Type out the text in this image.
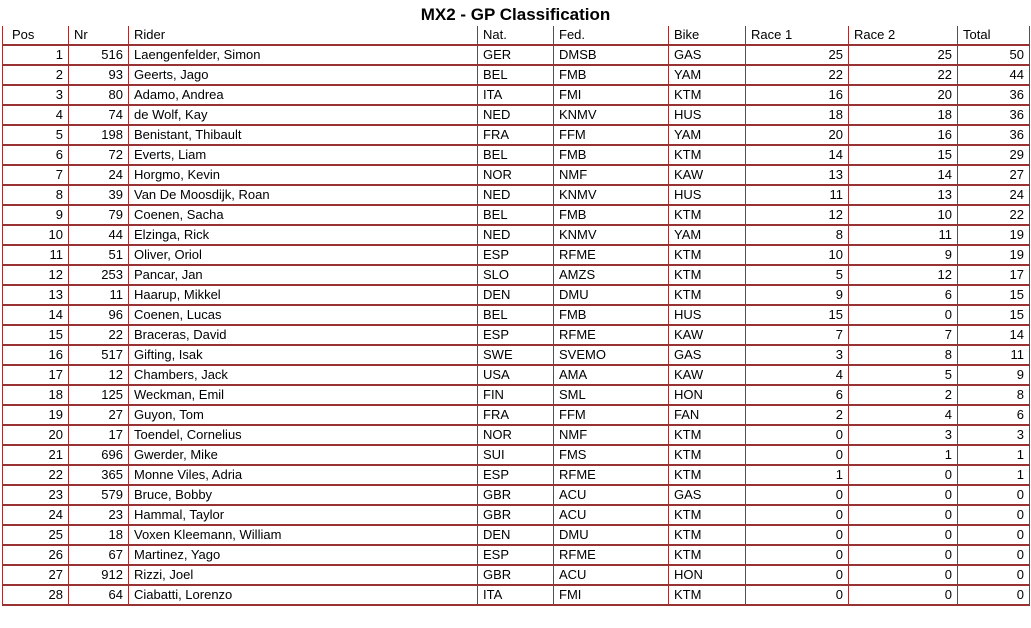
MX2 - GP Classification
Pos	Nr	Rider	Nat.	Fed.	Bike	Race 1	Race 2	Total
1	516	Laengenfelder, Simon	GER	DMSB	GAS	25	25	50
2	93	Geerts, Jago	BEL	FMB	YAM	22	22	44
3	80	Adamo, Andrea	ITA	FMI	KTM	16	20	36
4	74	de Wolf, Kay	NED	KNMV	HUS	18	18	36
5	198	Benistant, Thibault	FRA	FFM	YAM	20	16	36
6	72	Everts, Liam	BEL	FMB	KTM	14	15	29
7	24	Horgmo, Kevin	NOR	NMF	KAW	13	14	27
8	39	Van De Moosdijk, Roan	NED	KNMV	HUS	11	13	24
9	79	Coenen, Sacha	BEL	FMB	KTM	12	10	22
10	44	Elzinga, Rick	NED	KNMV	YAM	8	11	19
11	51	Oliver, Oriol	ESP	RFME	KTM	10	9	19
12	253	Pancar, Jan	SLO	AMZS	KTM	5	12	17
13	11	Haarup, Mikkel	DEN	DMU	KTM	9	6	15
14	96	Coenen, Lucas	BEL	FMB	HUS	15	0	15
15	22	Braceras, David	ESP	RFME	KAW	7	7	14
16	517	Gifting, Isak	SWE	SVEMO	GAS	3	8	11
17	12	Chambers, Jack	USA	AMA	KAW	4	5	9
18	125	Weckman, Emil	FIN	SML	HON	6	2	8
19	27	Guyon, Tom	FRA	FFM	FAN	2	4	6
20	17	Toendel, Cornelius	NOR	NMF	KTM	0	3	3
21	696	Gwerder, Mike	SUI	FMS	KTM	0	1	1
22	365	Monne Viles, Adria	ESP	RFME	KTM	1	0	1
23	579	Bruce, Bobby	GBR	ACU	GAS	0	0	0
24	23	Hammal, Taylor	GBR	ACU	KTM	0	0	0
25	18	Voxen Kleemann, William	DEN	DMU	KTM	0	0	0
26	67	Martinez, Yago	ESP	RFME	KTM	0	0	0
27	912	Rizzi, Joel	GBR	ACU	HON	0	0	0
28	64	Ciabatti, Lorenzo	ITA	FMI	KTM	0	0	0
